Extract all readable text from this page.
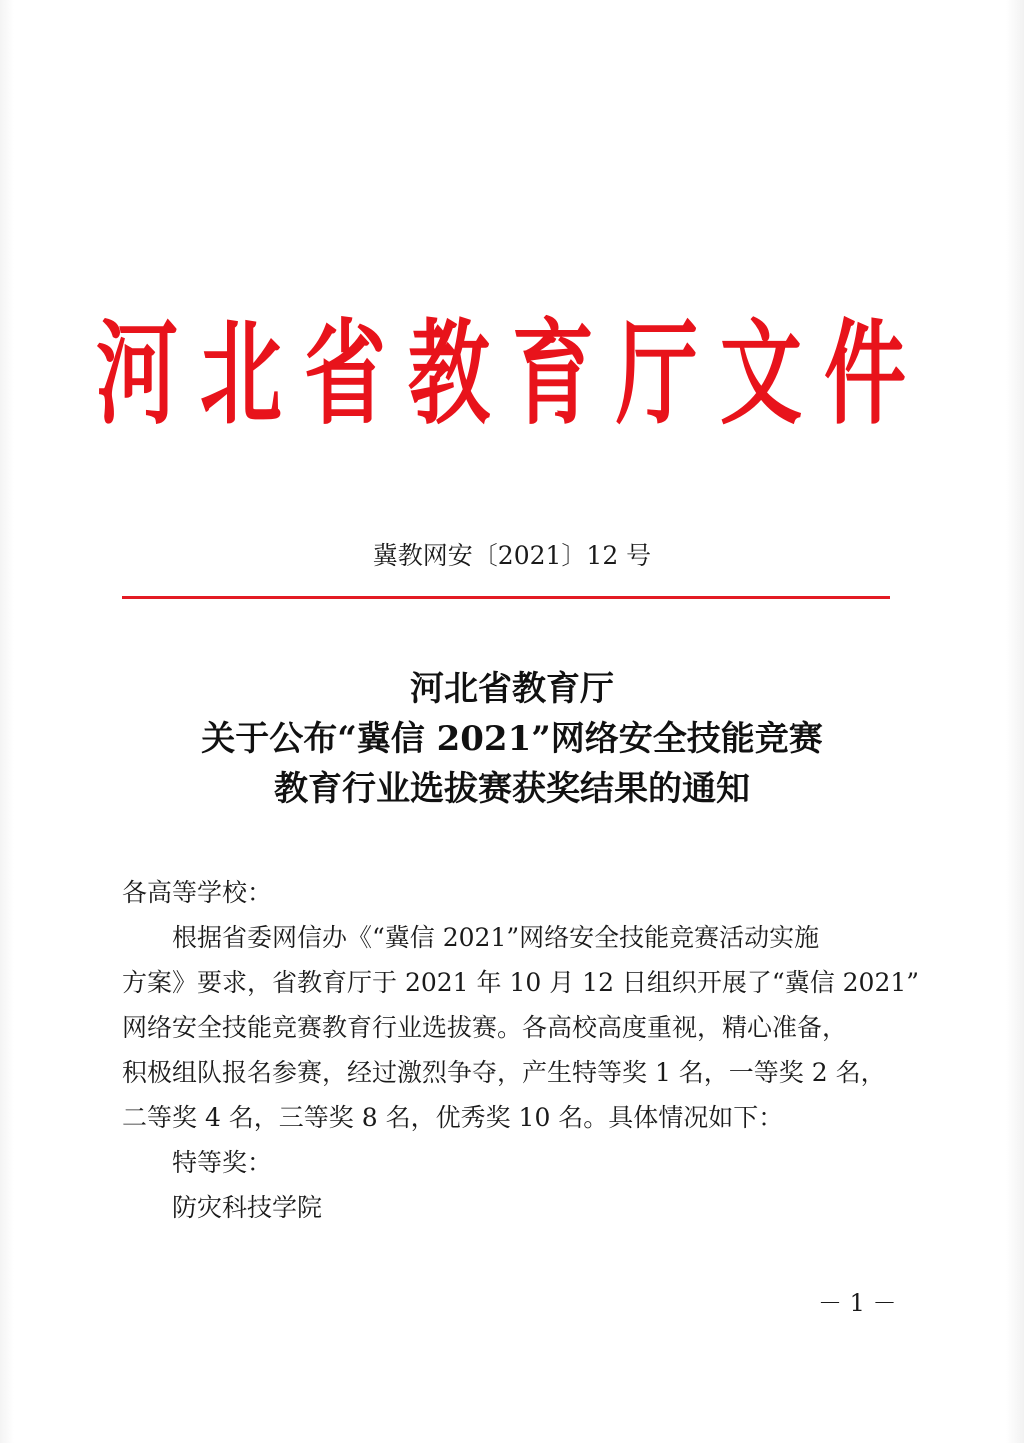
河北省教育厅文件
冀教网安〔2021〕12 号
河北省教育厅
关于公布“冀信 2021”网络安全技能竞赛
教育行业选拔赛获奖结果的通知

各高等学校：

根据省委网信办《“冀信 2021”网络安全技能竞赛活动实施

方案》要求，省教育厅于 2021 年 10 月 12 日组织开展了“冀信 2021”

网络安全技能竞赛教育行业选拔赛。各高校高度重视，精心准备，

积极组队报名参赛，经过激烈争夺，产生特等奖 1 名，一等奖 2 名，

二等奖 4 名，三等奖 8 名，优秀奖 10 名。具体情况如下：

特等奖：

防灾科技学院

－ 1 －
